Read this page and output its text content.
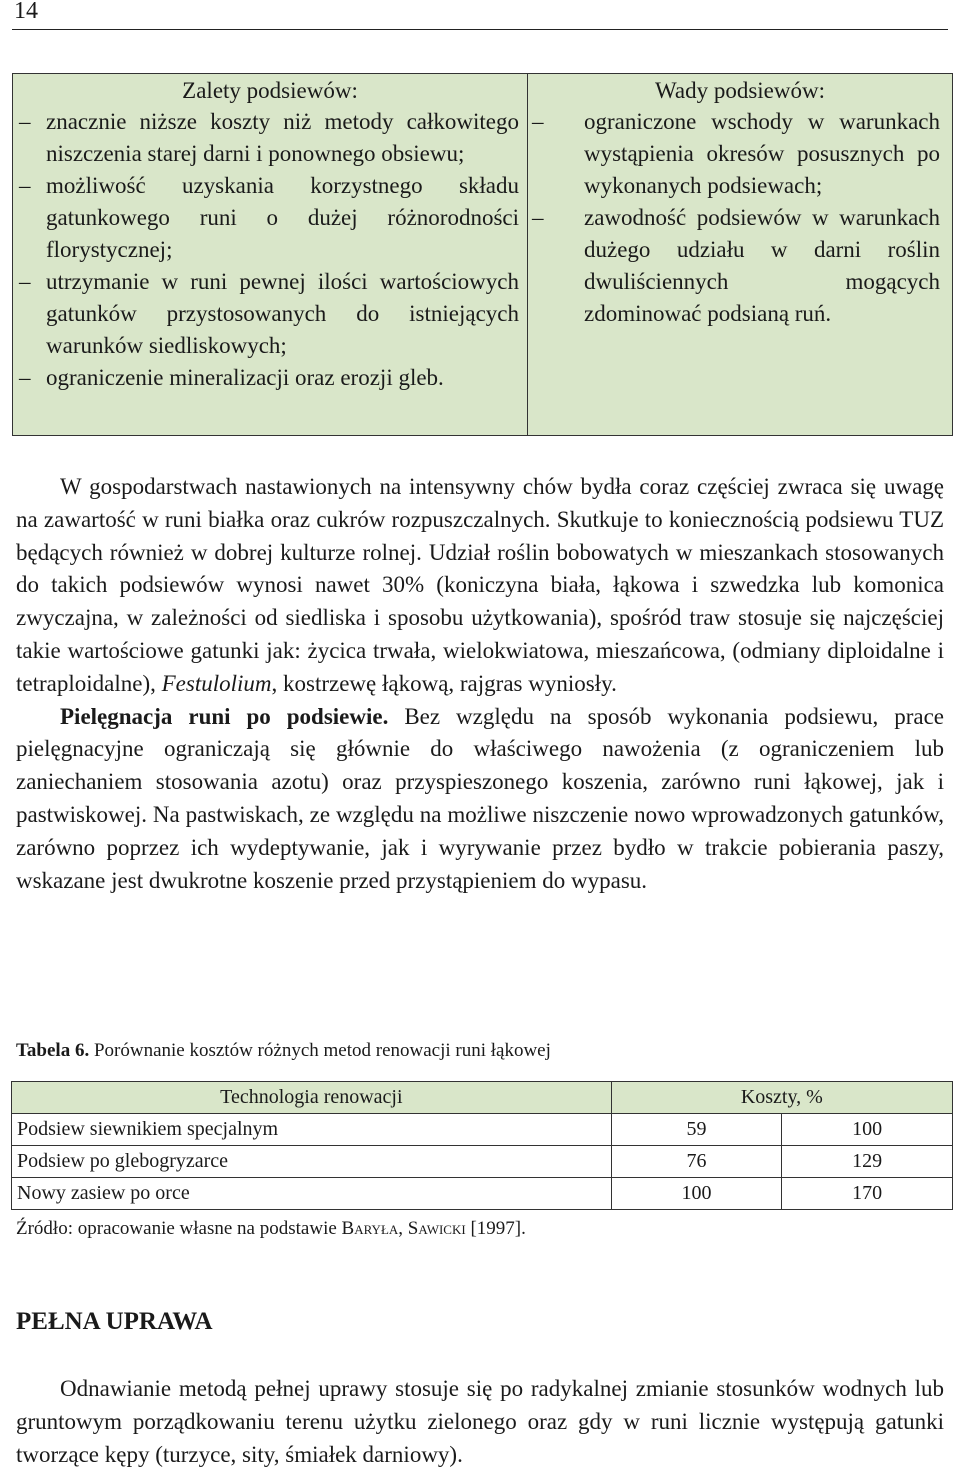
14
Zalety podsiewów:
– znacznie niższe koszty niż metody całkowitego niszczenia starej darni i ponownego obsiewu;
– możliwość uzyskania korzystnego składu gatunkowego runi o dużej różnorodności florystycznej;
– utrzymanie w runi pewnej ilości wartościowych gatunków przystosowanych do istniejących warunków siedliskowych;
– ograniczenie mineralizacji oraz erozji gleb.

Wady podsiewów:
– ograniczone wschody w warunkach wystąpienia okresów posusznych po wykonanych podsiewach;
– zawodność podsiewów w warunkach dużego udziału w darni roślin dwuliściennych mogących zdominować podsianą ruń.

W gospodarstwach nastawionych na intensywny chów bydła coraz częściej zwraca się uwagę na zawartość w runi białka oraz cukrów rozpuszczalnych. Skutkuje to koniecznością podsiewu TUZ będących również w dobrej kulturze rolnej. Udział roślin bobowatych w mieszankach stosowanych do takich podsiewów wynosi nawet 30% (koniczyna biała, łąkowa i szwedzka lub komonica zwyczajna, w zależności od siedliska i sposobu użytkowania), spośród traw stosuje się najczęściej takie wartościowe gatunki jak: życica trwała, wielokwiatowa, mieszańcowa, (odmiany diploidalne i tetraploidalne), Festulolium, kostrzewę łąkową, rajgras wyniosły.

Pielęgnacja runi po podsiewie. Bez względu na sposób wykonania podsiewu, prace pielęgnacyjne ograniczają się głównie do właściwego nawożenia (z ograniczeniem lub zaniechaniem stosowania azotu) oraz przyspieszonego koszenia, zarówno runi łąkowej, jak i pastwiskowej. Na pastwiskach, ze względu na możliwe niszczenie nowo wprowadzonych gatunków, zarówno poprzez ich wydeptywanie, jak i wyrywanie przez bydło w trakcie pobierania paszy, wskazane jest dwukrotne koszenie przed przystąpieniem do wypasu.

Tabela 6. Porównanie kosztów różnych metod renowacji runi łąkowej
Technologia renowacji	Koszty, %	
Podsiew siewnikiem specjalnym	59	100
Podsiew po glebogryzarce	76	129
Nowy zasiew po orce	100	170
Źródło: opracowanie własne na podstawie Baryła, Sawicki [1997].
PEŁNA UPRAWA

Odnawianie metodą pełnej uprawy stosuje się po radykalnej zmianie stosunków wodnych lub gruntowym porządkowaniu terenu użytku zielonego oraz gdy w runi licznie występują gatunki tworzące kępy (turzyce, sity, śmiałek darniowy).
